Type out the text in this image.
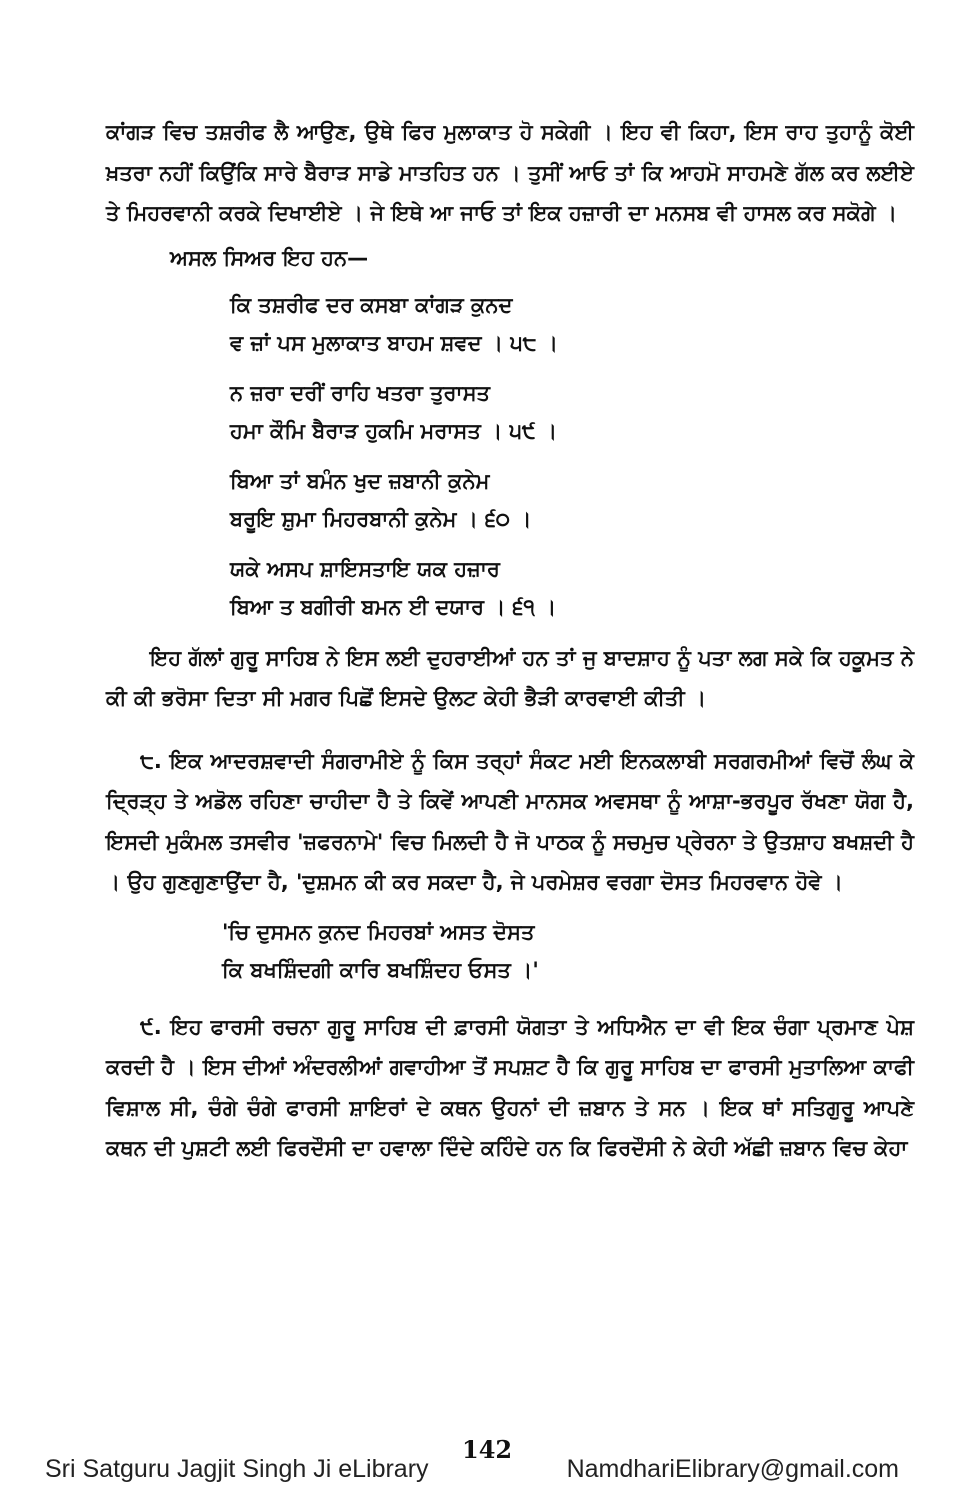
ਕਾਂਗੜ ਵਿਚ ਤਸ਼ਰੀਫ ਲੈ ਆਉਣ, ਉਥੇ ਫਿਰ ਮੁਲਾਕਾਤ ਹੋ ਸਕੇਗੀ । ਇਹ ਵੀ ਕਿਹਾ, ਇਸ ਰਾਹ ਤੁਹਾਨੂੰ ਕੋਈ ਖ਼ਤਰਾ ਨਹੀਂ ਕਿਉਂਕਿ ਸਾਰੇ ਬੈਰਾੜ ਸਾਡੇ ਮਾਤਹਿਤ ਹਨ । ਤੁਸੀਂ ਆਓ ਤਾਂ ਕਿ ਆਹਮੋ ਸਾਹਮਣੇ ਗੱਲ ਕਰ ਲਈਏ ਤੇ ਮਿਹਰਵਾਨੀ ਕਰਕੇ ਦਿਖਾਈਏ । ਜੇ ਇਥੇ ਆ ਜਾਓ ਤਾਂ ਇਕ ਹਜ਼ਾਰੀ ਦਾ ਮਨਸਬ ਵੀ ਹਾਸਲ ਕਰ ਸਕੋਗੇ ।

ਅਸਲ ਸਿਅਰ ਇਹ ਹਨ—

ਕਿ ਤਸ਼ਰੀਫ ਦਰ ਕਸਬਾ ਕਾਂਗੜ ਕੁਨਦ
ਵ ਜ਼ਾਂ ਪਸ ਮੁਲਾਕਾਤ ਬਾਹਮ ਸ਼ਵਦ । ੫੮ ।
ਨ ਜ਼ਰਾ ਦਰੀਂ ਰਾਹਿ ਖਤਰਾ ਤੁਰਾਸਤ
ਹਮਾ ਕੌਮਿ ਬੈਰਾੜ ਹੁਕਮਿ ਮਰਾਸਤ । ੫੯ ।
ਬਿਆ ਤਾਂ ਬਮੰਨ ਖੁਦ ਜ਼ਬਾਨੀ ਕੁਨੇਮ
ਬਰੂਇ ਸ਼ੁਮਾ ਮਿਹਰਬਾਨੀ ਕੁਨੇਮ । ੬੦ ।
ਯਕੇ ਅਸਪ ਸ਼ਾਇਸਤਾਇ ਯਕ ਹਜ਼ਾਰ
ਬਿਆ ਤ ਬਗੀਰੀ ਬਮਨ ਈ ਦਯਾਰ । ੬੧ ।

ਇਹ ਗੱਲਾਂ ਗੁਰੂ ਸਾਹਿਬ ਨੇ ਇਸ ਲਈ ਦੁਹਰਾਈਆਂ ਹਨ ਤਾਂ ਜੁ ਬਾਦਸ਼ਾਹ ਨੂੰ ਪਤਾ ਲਗ ਸਕੇ ਕਿ ਹਕੂਮਤ ਨੇ ਕੀ ਕੀ ਭਰੋਸਾ ਦਿਤਾ ਸੀ ਮਗਰ ਪਿਛੋਂ ਇਸਦੇ ਉਲਟ ਕੇਹੀ ਭੈੜੀ ਕਾਰਵਾਈ ਕੀਤੀ ।

੮. ਇਕ ਆਦਰਸ਼ਵਾਦੀ ਸੰਗਰਾਮੀਏ ਨੂੰ ਕਿਸ ਤਰ੍ਹਾਂ ਸੰਕਟ ਮਈ ਇਨਕਲਾਬੀ ਸਰਗਰਮੀਆਂ ਵਿਚੋਂ ਲੰਘ ਕੇ ਦ੍ਰਿੜ੍ਹ ਤੇ ਅਡੋਲ ਰਹਿਣਾ ਚਾਹੀਦਾ ਹੈ ਤੇ ਕਿਵੇਂ ਆਪਣੀ ਮਾਨਸਕ ਅਵਸਥਾ ਨੂੰ ਆਸ਼ਾ-ਭਰਪੂਰ ਰੱਖਣਾ ਯੋਗ ਹੈ, ਇਸਦੀ ਮੁਕੰਮਲ ਤਸਵੀਰ 'ਜ਼ਫਰਨਾਮੇ' ਵਿਚ ਮਿਲਦੀ ਹੈ ਜੋ ਪਾਠਕ ਨੂੰ ਸਚਮੁਚ ਪ੍ਰੇਰਨਾ ਤੇ ਉਤਸ਼ਾਹ ਬਖਸ਼ਦੀ ਹੈ । ਉਹ ਗੁਣਗੁਣਾਉਂਦਾ ਹੈ, 'ਦੁਸ਼ਮਨ ਕੀ ਕਰ ਸਕਦਾ ਹੈ, ਜੇ ਪਰਮੇਸ਼ਰ ਵਰਗਾ ਦੋਸਤ ਮਿਹਰਵਾਨ ਹੋਵੇ ।

'ਚਿ ਦੁਸਮਨ ਕੁਨਦ ਮਿਹਰਬਾਂ ਅਸਤ ਦੋਸਤ
ਕਿ ਬਖਸ਼ਿੰਦਗੀ ਕਾਰਿ ਬਖਸ਼ਿੰਦਹ ਓਸਤ ।'

੯. ਇਹ ਫਾਰਸੀ ਰਚਨਾ ਗੁਰੂ ਸਾਹਿਬ ਦੀ ਫ਼ਾਰਸੀ ਯੋਗਤਾ ਤੇ ਅਧਿਐਨ ਦਾ ਵੀ ਇਕ ਚੰਗਾ ਪ੍ਰਮਾਣ ਪੇਸ਼ ਕਰਦੀ ਹੈ । ਇਸ ਦੀਆਂ ਅੰਦਰਲੀਆਂ ਗਵਾਹੀਆ ਤੋਂ ਸਪਸ਼ਟ ਹੈ ਕਿ ਗੁਰੂ ਸਾਹਿਬ ਦਾ ਫਾਰਸੀ ਮੁਤਾਲਿਆ ਕਾਫੀ ਵਿਸ਼ਾਲ ਸੀ, ਚੰਗੇ ਚੰਗੇ ਫਾਰਸੀ ਸ਼ਾਇਰਾਂ ਦੇ ਕਥਨ ਉਹਨਾਂ ਦੀ ਜ਼ਬਾਨ ਤੇ ਸਨ । ਇਕ ਥਾਂ ਸਤਿਗੁਰੂ ਆਪਣੇ ਕਥਨ ਦੀ ਪੁਸ਼ਟੀ ਲਈ ਫਿਰਦੌਸੀ ਦਾ ਹਵਾਲਾ ਦਿੰਦੇ ਕਹਿੰਦੇ ਹਨ ਕਿ ਫਿਰਦੌਸੀ ਨੇ ਕੇਹੀ ਅੱਛੀ ਜ਼ਬਾਨ ਵਿਚ ਕੇਹਾ

142
Sri Satguru Jagjit Singh Ji eLibrary	NamdhariElibrary@gmail.com
